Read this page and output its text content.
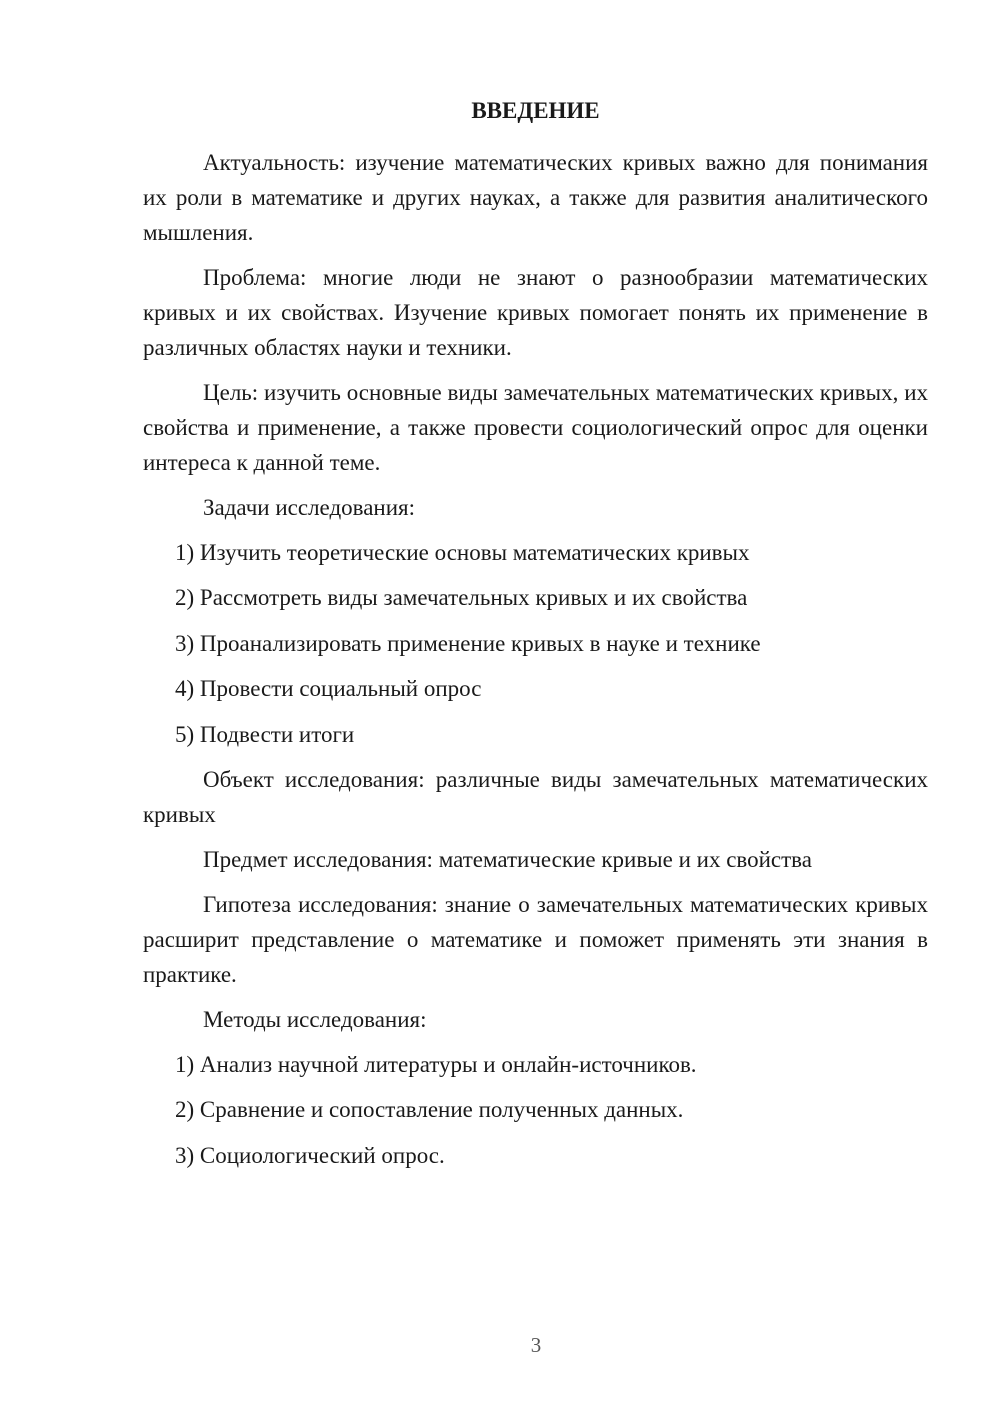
ВВЕДЕНИЕ

Актуальность: изучение математических кривых важно для понимания их роли в математике и других науках, а также для развития аналитического мышления.

Проблема: многие люди не знают о разнообразии математических кривых и их свойствах. Изучение кривых помогает понять их применение в различных областях науки и техники.

Цель: изучить основные виды замечательных математических кривых, их свойства и применение, а также провести социологический опрос для оценки интереса к данной теме.

Задачи исследования:

1) Изучить теоретические основы математических кривых
2) Рассмотреть виды замечательных кривых и их свойства
3) Проанализировать применение кривых в науке и технике
4) Провести социальный опрос
5) Подвести итоги

Объект исследования: различные виды замечательных математических кривых

Предмет исследования: математические кривые и их свойства

Гипотеза исследования: знание о замечательных математических кривых расширит представление о математике и поможет применять эти знания в практике.

Методы исследования:

1) Анализ научной литературы и онлайн-источников.
2) Сравнение и сопоставление полученных данных.
3) Социологический опрос.
3
